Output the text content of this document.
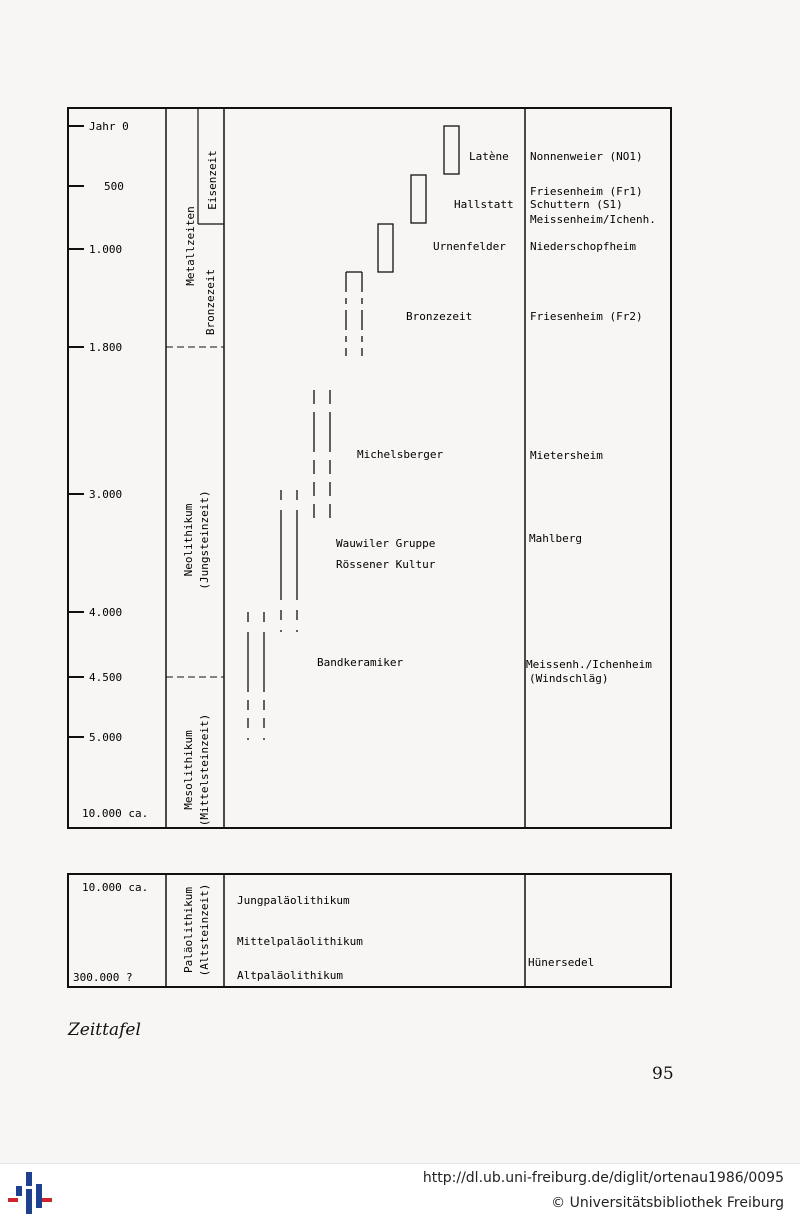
Jahr 0
500
1.000
1.800
3.000
4.000
4.500
5.000
10.000 ca.
Metallzeiten
Eisenzeit
Bronzezeit
Neolithikum (Jungsteinzeit)
Mesolithikum (Mittelsteinzeit)
Latène
Hallstatt
Urnenfelder
Bronzezeit
Michelsberger
Wauwiler Gruppe
Rössener Kultur
Bandkeramiker
Nonnenweier (NO1)
Friesenheim (Fr1)
Schuttern (S1)
Meissenheim/Ichenh.
Niederschopfheim
Friesenheim (Fr2)
Mietersheim
Mahlberg
Meissenh./Ichenheim
(Windschläg)
10.000 ca.
300.000 ?
Paläolithikum (Altsteinzeit) Jungpaläolithikum
Mittelpaläolithikum
Altpaläolithikum
Hünersedel
Zeittafel
95
http://dl.ub.uni-freiburg.de/diglit/ortenau1986/0095
© Universitätsbibliothek Freiburg
